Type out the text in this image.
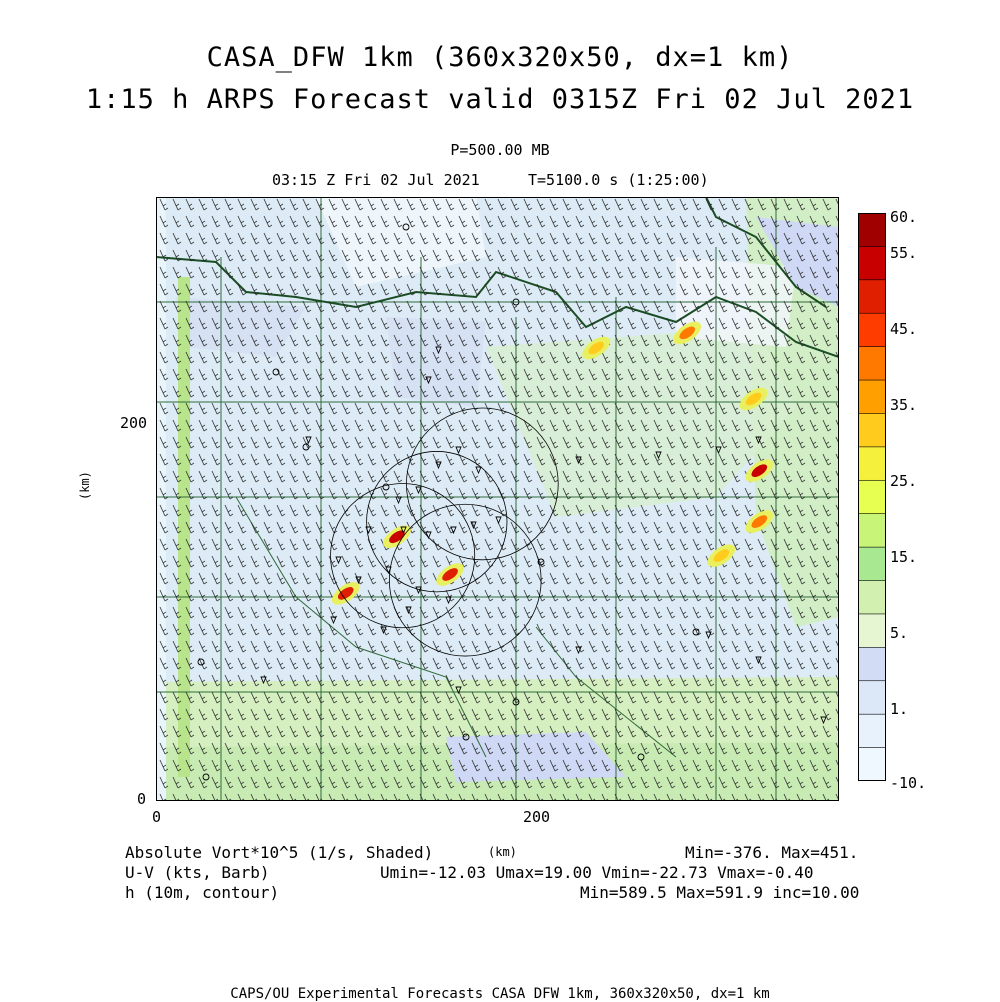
CASA_DFW 1km (360x320x50, dx=1 km)
1:15 h ARPS Forecast valid 0315Z Fri 02 Jul 2021
P=500.00 MB
03:15 Z Fri 02 Jul 2021	T=5100.0 s (1:25:00)
60.
55.
45.
35.
25.
15.
5.
1.
-10.
200
0
0	200
(km)
(km)
Absolute Vort*10^5 (1/s, Shaded)	Min=-376. Max=451.
U-V (kts, Barb)	Umin=-12.03 Umax=19.00 Vmin=-22.73 Vmax=-0.40
h (10m, contour)	Min=589.5 Max=591.9 inc=10.00
CAPS/OU Experimental Forecasts CASA DFW 1km, 360x320x50, dx=1 km
